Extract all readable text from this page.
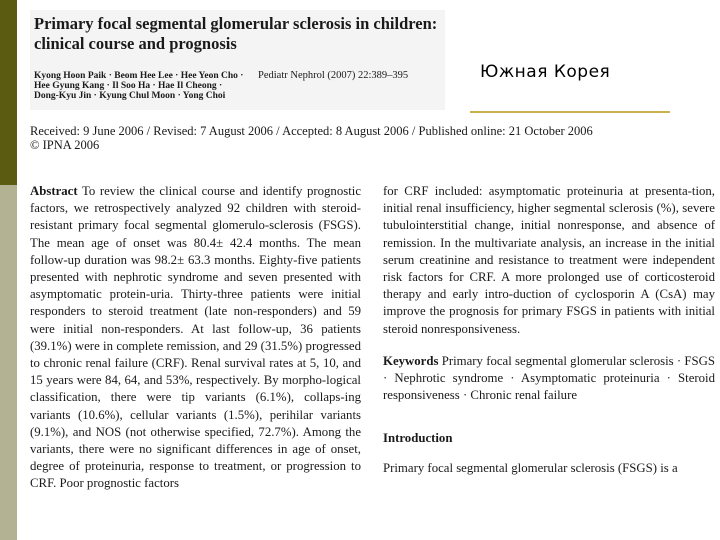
Primary focal segmental glomerular sclerosis in children:
clinical course and prognosis
Kyong Hoon Paik · Beom Hee Lee · Hee Yeon Cho ·
Hee Gyung Kang · Il Soo Ha · Hae Il Cheong ·
Dong-Kyu Jin · Kyung Chul Moon · Yong Choi
Pediatr Nephrol (2007) 22:389–395	Южная Корея
Received: 9 June 2006 / Revised: 7 August 2006 / Accepted: 8 August 2006 / Published online: 21 October 2006
© IPNA 2006
Abstract To review the clinical course and identify prognostic factors, we retrospectively analyzed 92 children with steroid-resistant primary focal segmental glomerulo-sclerosis (FSGS). The mean age of onset was 80.4± 42.4 months. The mean follow-up duration was 98.2± 63.3 months. Eighty-five patients presented with nephrotic syndrome and seven presented with asymptomatic protein-uria. Thirty-three patients were initial responders to steroid treatment (late non-responders) and 59 were initial non-responders. At last follow-up, 36 patients (39.1%) were in complete remission, and 29 (31.5%) progressed to chronic renal failure (CRF). Renal survival rates at 5, 10, and 15 years were 84, 64, and 53%, respectively. By morpho-logical classification, there were tip variants (6.1%), collaps-ing variants (10.6%), cellular variants (1.5%), perihilar variants (9.1%), and NOS (not otherwise specified, 72.7%). Among the variants, there were no significant differences in age of onset, degree of proteinuria, response to treatment, or progression to CRF. Poor prognostic factors
for CRF included: asymptomatic proteinuria at presenta-tion, initial renal insufficiency, higher segmental sclerosis (%), severe tubulointerstitial change, initial nonresponse, and absence of remission. In the multivariate analysis, an increase in the initial serum creatinine and resistance to treatment were independent risk factors for CRF. A more prolonged use of corticosteroid therapy and early intro-duction of cyclosporin A (CsA) may improve the prognosis for primary FSGS in patients with initial steroid nonresponsiveness.
Keywords Primary focal segmental glomerular sclerosis · FSGS · Nephrotic syndrome · Asymptomatic proteinuria · Steroid responsiveness · Chronic renal failure
Introduction
Primary focal segmental glomerular sclerosis (FSGS) is a
